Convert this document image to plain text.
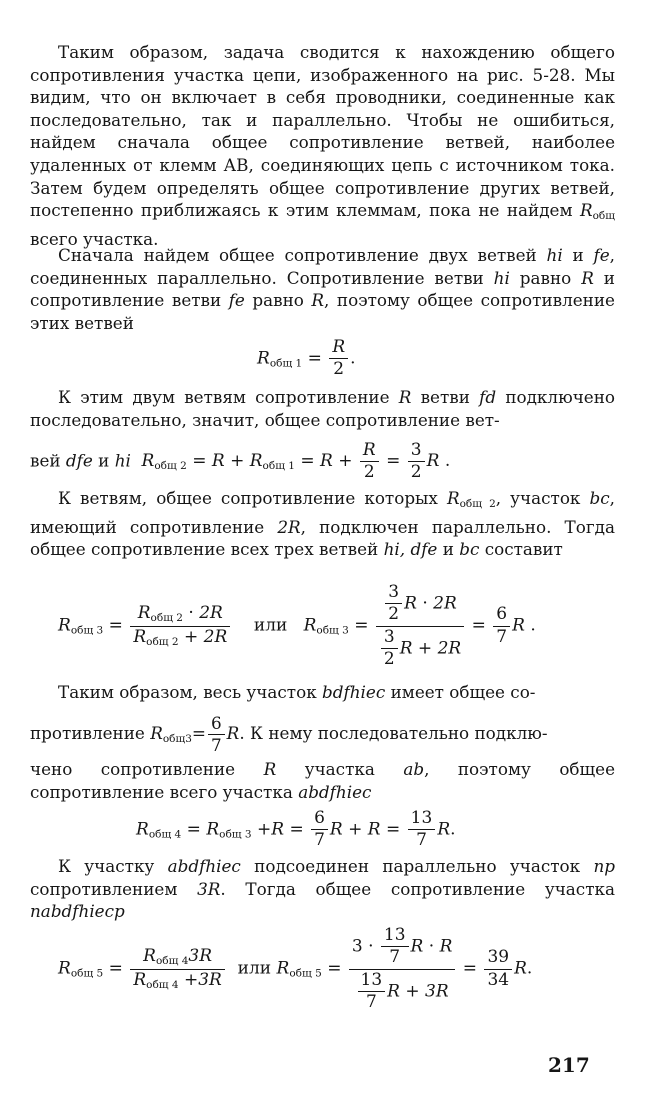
Таким образом, задача сводится к нахождению общего сопротивления участка цепи, изображенного на рис. 5-28. Мы видим, что он включает в себя проводники, соединенные как последовательно, так и параллельно. Чтобы не ошибиться, найдем сначала общее сопротивление ветвей, наиболее удаленных от клемм АВ, соединяющих цепь с источником тока. Затем будем определять общее сопротивление других ветвей, постепенно приближаясь к этим клеммам, пока не найдем $R_{общ}$ всего участка.

Сначала найдем общее сопротивление двух ветвей hi и fe, соединенных параллельно. Сопротивление ветви hi равно R и сопротивление ветви fe равно R, поэтому общее сопротивление этих ветвей

$R_{общ 1} = \frac{R}{2}$ .

К этим двум ветвям сопротивление R ветви fd подключено последовательно, значит, общее сопротивление вет-

вей dfe и hi $R_{общ 2} = R + R_{общ 1} = R + \frac{R}{2} = \frac{3}{2}$ R .

К ветвям, общее сопротивление которых $R_{общ 2}$, участок bc, имеющий сопротивление 2R, подключен параллельно. Тогда общее сопротивление всех трех ветвей hi, dfe и bc составит

$R_{общ 3} = \frac{R_{общ 2} \cdot 2R}{R_{общ 2} + 2R}$ или $R_{общ 3} = \frac{\frac{3}{2} R \cdot 2R}{\frac{3}{2} R + 2R} = \frac{6}{7}$ R .
Таким образом, весь участок bdfhiec имеет общее со-
противление $R_{общ3}= \frac{6}{7} R$. К нему последовательно подклю-

чено сопротивление R участка ab, поэтому общее сопротивление всего участка abdfhiec

$R_{общ 4} = R_{общ 3} +R = \frac{6}{7}$ $R + R = \frac{13}{7} R$.

К участку abdfhiec подсоединен параллельно участок np сопротивлением 3R. Тогда общее сопротивление участка nabdfhiecp

$R_{общ 5} = \frac{R_{общ 4}3R}{R_{общ 4} +3R}$ или $R_{общ 5} = \frac{3 \cdot \frac{13}{7} R \cdot R}{\frac{13}{7} R + 3R} = \frac{39}{34} R$.
217
